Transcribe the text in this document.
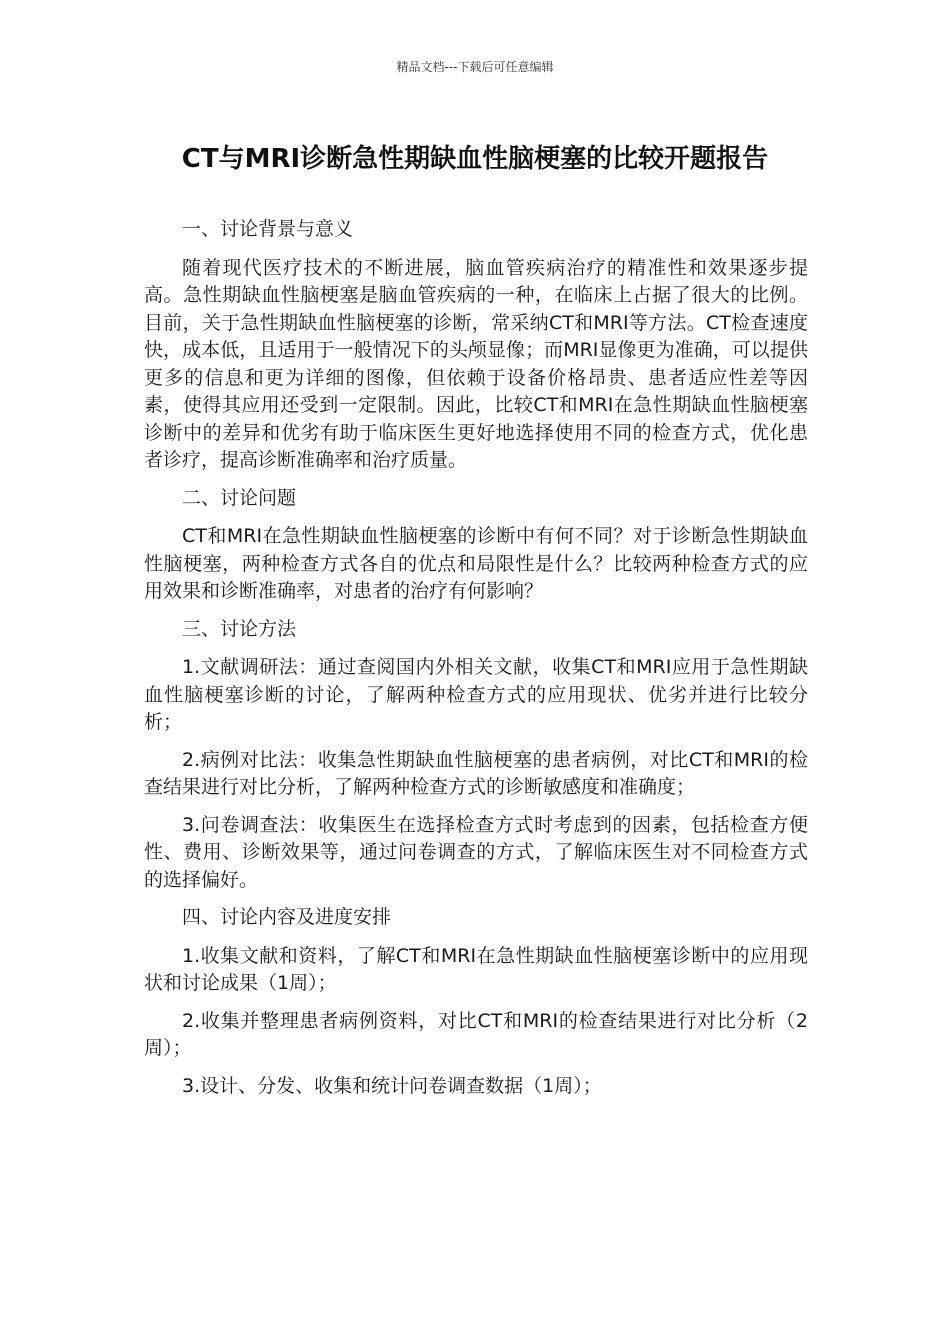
精品文档---下载后可任意编辑
CT与MRI诊断急性期缺血性脑梗塞的比较开题报告

一、讨论背景与意义

随着现代医疗技术的不断进展，脑血管疾病治疗的精准性和效果逐步提高。急性期缺血性脑梗塞是脑血管疾病的一种，在临床上占据了很大的比例。目前，关于急性期缺血性脑梗塞的诊断，常采纳CT和MRI等方法。CT检查速度快，成本低，且适用于一般情况下的头颅显像；而MRI显像更为准确，可以提供更多的信息和更为详细的图像，但依赖于设备价格昂贵、患者适应性差等因素，使得其应用还受到一定限制。因此，比较CT和MRI在急性期缺血性脑梗塞诊断中的差异和优劣有助于临床医生更好地选择使用不同的检查方式，优化患者诊疗，提高诊断准确率和治疗质量。

二、讨论问题

CT和MRI在急性期缺血性脑梗塞的诊断中有何不同？对于诊断急性期缺血性脑梗塞，两种检查方式各自的优点和局限性是什么？比较两种检查方式的应用效果和诊断准确率，对患者的治疗有何影响？

三、讨论方法

1.文献调研法：通过查阅国内外相关文献，收集CT和MRI应用于急性期缺血性脑梗塞诊断的讨论，了解两种检查方式的应用现状、优劣并进行比较分析；

2.病例对比法：收集急性期缺血性脑梗塞的患者病例，对比CT和MRI的检查结果进行对比分析，了解两种检查方式的诊断敏感度和准确度；

3.问卷调查法：收集医生在选择检查方式时考虑到的因素，包括检查方便性、费用、诊断效果等，通过问卷调查的方式，了解临床医生对不同检查方式的选择偏好。

四、讨论内容及进度安排

1.收集文献和资料，了解CT和MRI在急性期缺血性脑梗塞诊断中的应用现状和讨论成果（1周）；

2.收集并整理患者病例资料，对比CT和MRI的检查结果进行对比分析（2周）；

3.设计、分发、收集和统计问卷调查数据（1周）；
